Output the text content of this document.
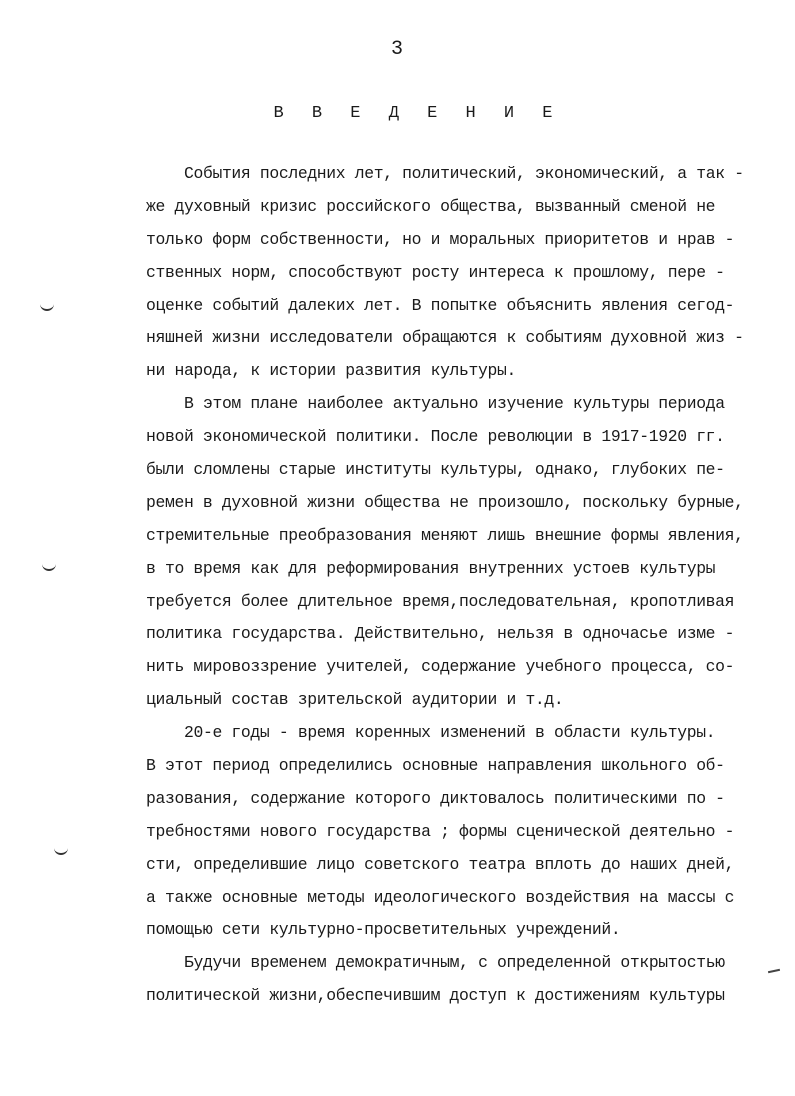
3
В В Е Д Е Н И Е
События последних лет, политический, экономический, а так -
же духовный кризис российского общества, вызванный сменой не
только форм собственности, но и моральных приоритетов и нрав -
ственных норм, способствуют росту интереса к прошлому, пере -
оценке событий далеких лет. В попытке объяснить явления сегод-
няшней жизни исследователи обращаются к событиям духовной жиз -
ни народа, к истории развития культуры.
В этом плане наиболее актуально изучение культуры периода
новой экономической политики. После революции в 1917-1920 гг.
были сломлены старые институты культуры, однако, глубоких пе-
ремен в духовной жизни общества не произошло, поскольку бурные,
стремительные преобразования меняют лишь внешние формы явления,
в то время как для реформирования внутренних устоев культуры
требуется более длительное время,последовательная, кропотливая
политика государства. Действительно, нельзя в одночасье изме -
нить мировоззрение учителей, содержание учебного процесса, со-
циальный состав зрительской аудитории и т.д.
20-е годы - время коренных изменений в области культуры.
В этот период определились основные направления школьного об-
разования, содержание которого диктовалось политическими по -
требностями нового государства ; формы сценической деятельно -
сти, определившие лицо советского театра вплоть до наших дней,
а также основные методы идеологического воздействия на массы с
помощью сети культурно-просветительных учреждений.
Будучи временем демократичным, с определенной открытостью
политической жизни,обеспечившим доступ к достижениям культуры
